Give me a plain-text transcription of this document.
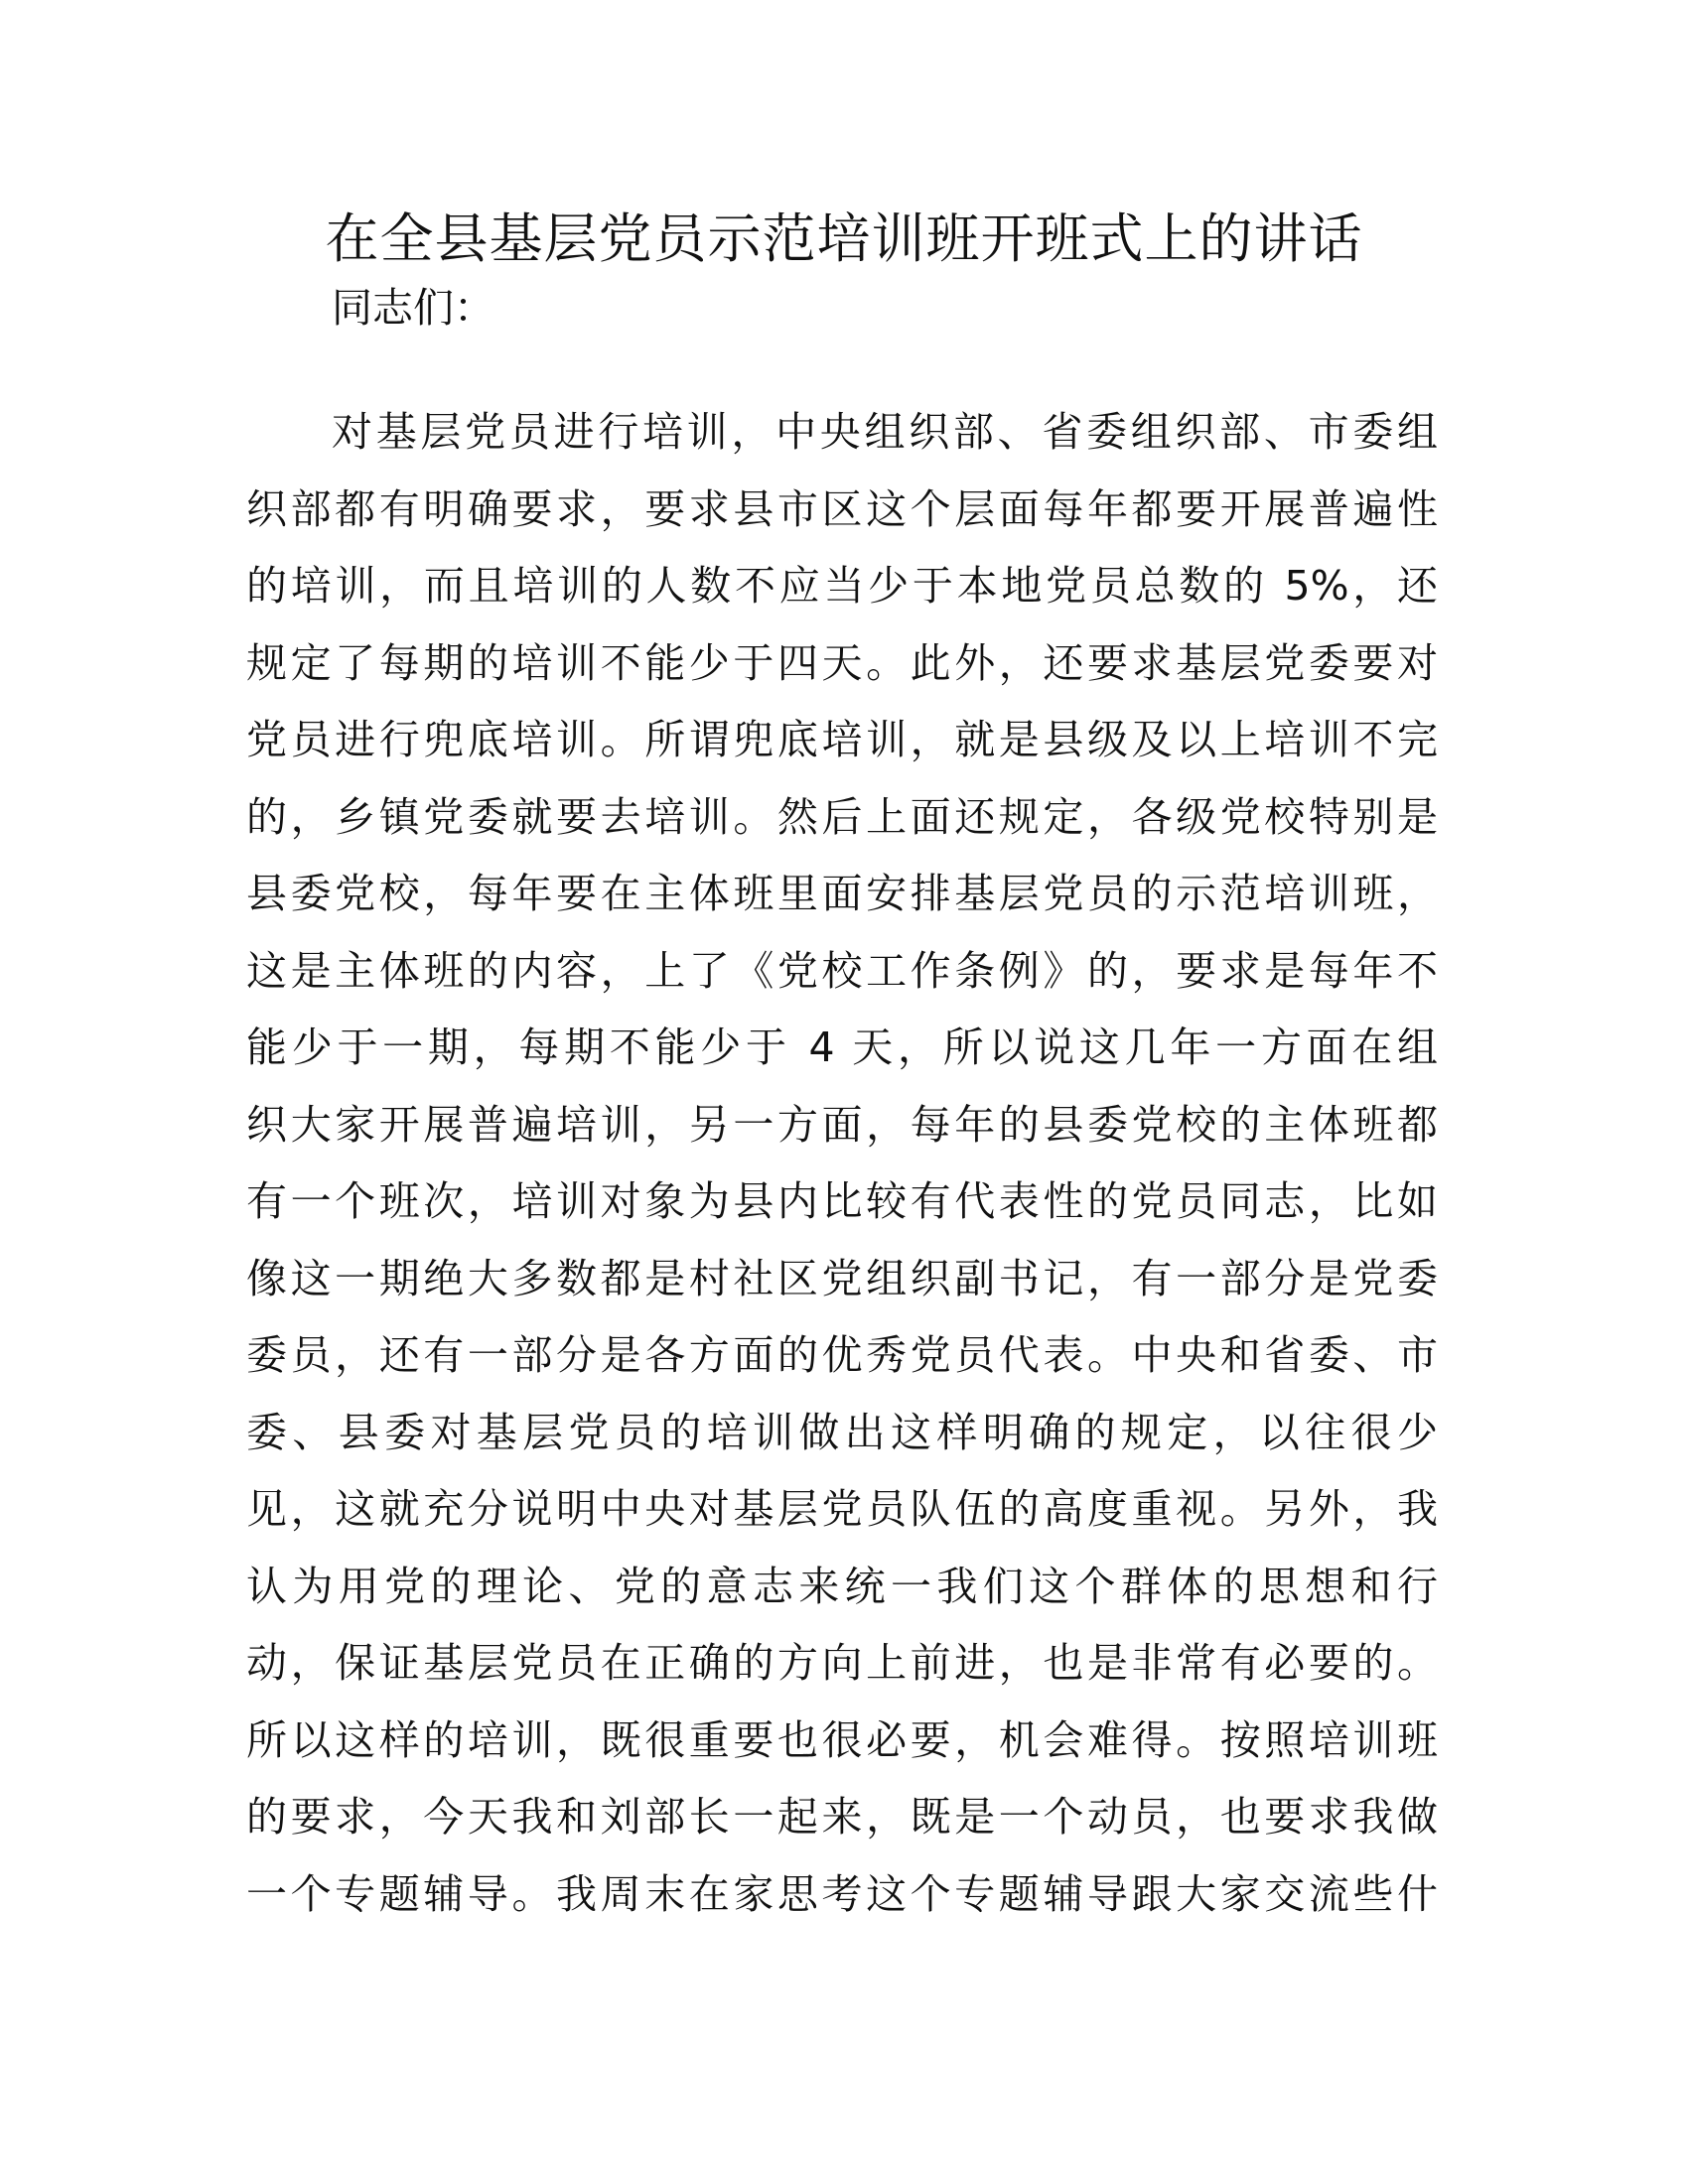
在全县基层党员示范培训班开班式上的讲话
同志们：
对基层党员进行培训，中央组织部、省委组织部、市委组
织部都有明确要求，要求县市区这个层面每年都要开展普遍性
的培训，而且培训的人数不应当少于本地党员总数的 5%，还
规定了每期的培训不能少于四天。此外，还要求基层党委要对
党员进行兜底培训。所谓兜底培训，就是县级及以上培训不完
的，乡镇党委就要去培训。然后上面还规定，各级党校特别是
县委党校，每年要在主体班里面安排基层党员的示范培训班，
这是主体班的内容，上了《党校工作条例》的，要求是每年不
能少于一期，每期不能少于 4 天，所以说这几年一方面在组
织大家开展普遍培训，另一方面，每年的县委党校的主体班都
有一个班次，培训对象为县内比较有代表性的党员同志，比如
像这一期绝大多数都是村社区党组织副书记，有一部分是党委
委员，还有一部分是各方面的优秀党员代表。中央和省委、市
委、县委对基层党员的培训做出这样明确的规定，以往很少
见，这就充分说明中央对基层党员队伍的高度重视。另外，我
认为用党的理论、党的意志来统一我们这个群体的思想和行
动，保证基层党员在正确的方向上前进，也是非常有必要的。
所以这样的培训，既很重要也很必要，机会难得。按照培训班
的要求，今天我和刘部长一起来，既是一个动员，也要求我做
一个专题辅导。我周末在家思考这个专题辅导跟大家交流些什
